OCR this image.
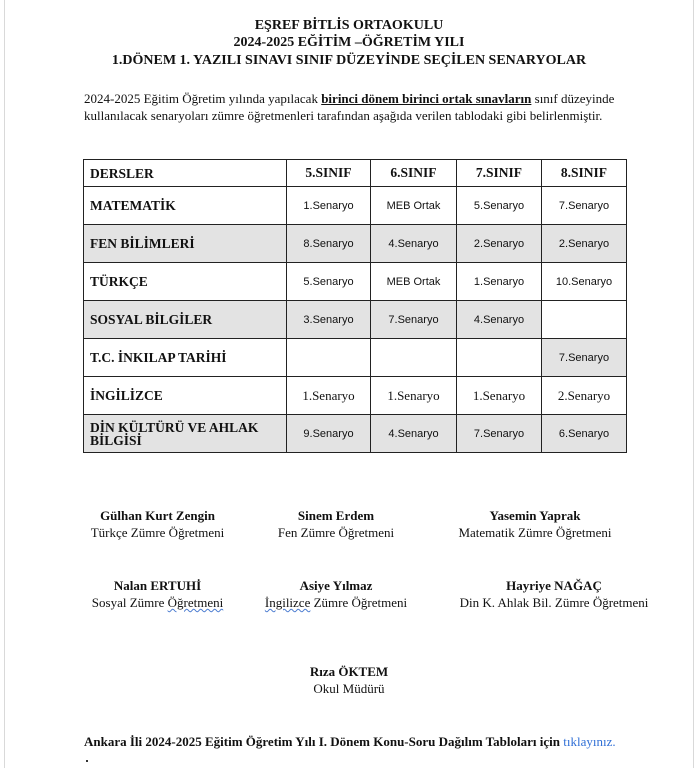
EŞREF BİTLİS ORTAOKULU
2024-2025 EĞİTİM –ÖĞRETİM YILI
1.DÖNEM 1. YAZILI SINAVI SINIF DÜZEYİNDE SEÇİLEN SENARYOLAR
2024-2025 Eğitim Öğretim yılında yapılacak birinci dönem birinci ortak sınavların sınıf düzeyinde kullanılacak senaryoları zümre öğretmenleri tarafından aşağıda verilen tablodaki gibi belirlenmiştir.
DERSLER	5.SINIF	6.SINIF	7.SINIF	8.SINIF
MATEMATİK	1.Senaryo	MEB Ortak	5.Senaryo	7.Senaryo
FEN BİLİMLERİ	8.Senaryo	4.Senaryo	2.Senaryo	2.Senaryo
TÜRKÇE	5.Senaryo	MEB Ortak	1.Senaryo	10.Senaryo
SOSYAL BİLGİLER	3.Senaryo	7.Senaryo	4.Senaryo	
T.C. İNKILAP TARİHİ				7.Senaryo
İNGİLİZCE	1.Senaryo	1.Senaryo	1.Senaryo	2.Senaryo
DİN KÜLTÜRÜ VE AHLAK BİLGİSİ	9.Senaryo	4.Senaryo	7.Senaryo	6.Senaryo
Gülhan Kurt Zengin
Türkçe Zümre Öğretmeni
Sinem Erdem
Fen Zümre Öğretmeni
Yasemin Yaprak
Matematik Zümre Öğretmeni
Nalan ERTUHİ
Sosyal Zümre Öğretmeni
Asiye Yılmaz
İngilizce Zümre Öğretmeni
Hayriye NAĞAÇ
Din K. Ahlak Bil. Zümre Öğretmeni
Rıza ÖKTEM
Okul Müdürü
Ankara İli 2024-2025 Eğitim Öğretim Yılı I. Dönem Konu-Soru Dağılım Tabloları için tıklayınız.
